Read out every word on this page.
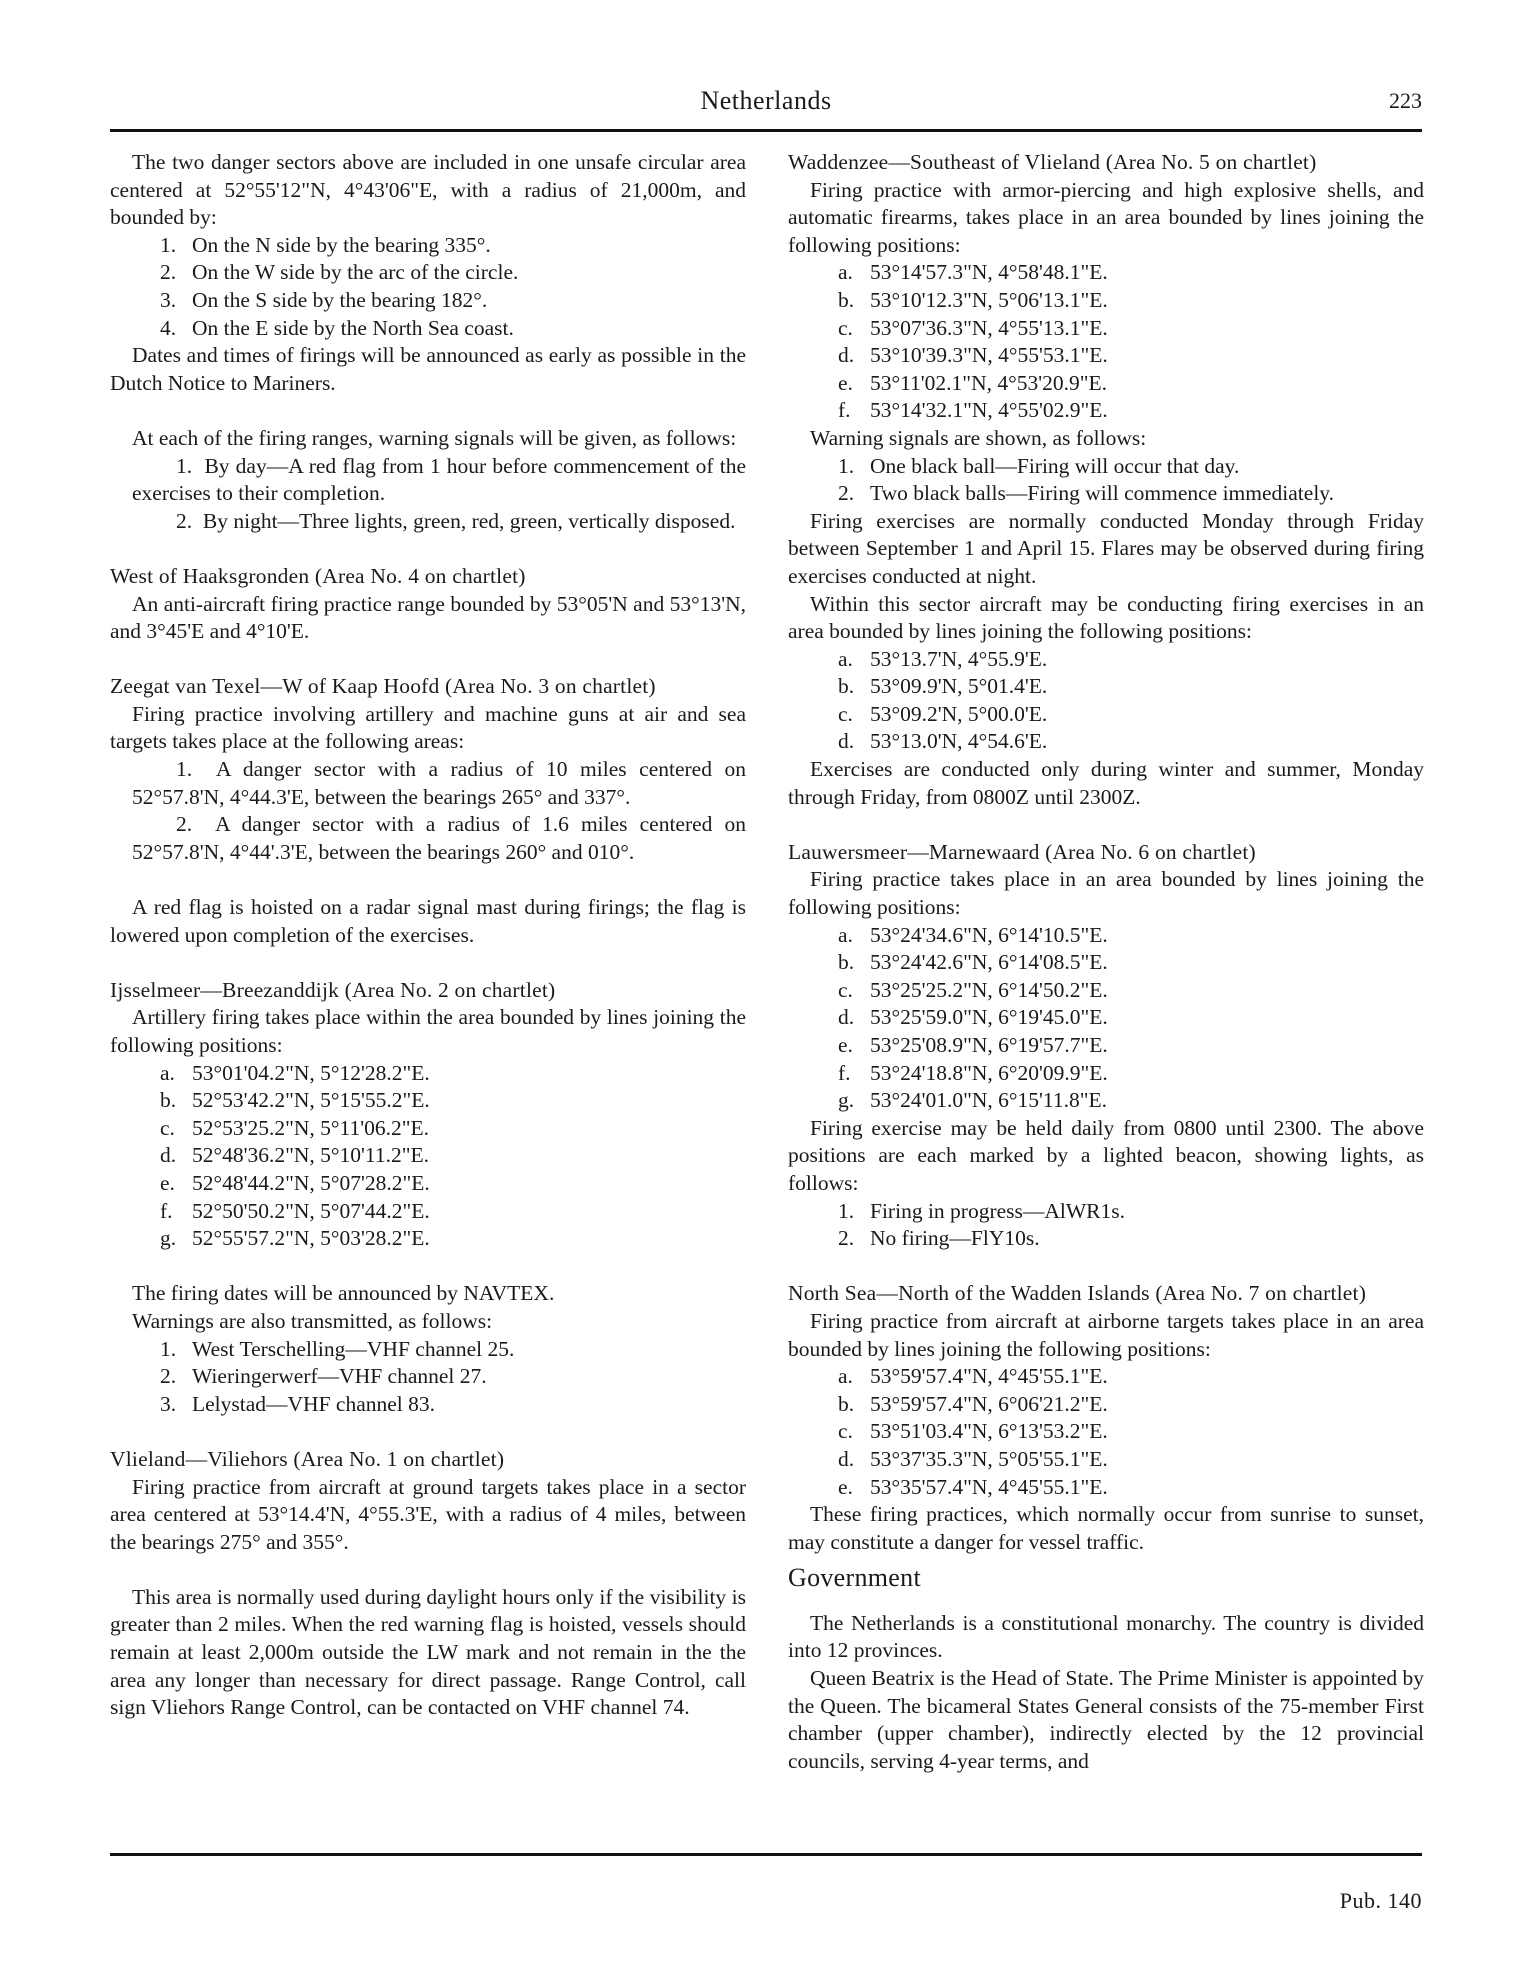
Netherlands	223

The two danger sectors above are included in one unsafe circular area centered at 52°55'12"N, 4°43'06"E, with a radius of 21,000m, and bounded by:

1. On the N side by the bearing 335°.
2. On the W side by the arc of the circle.
3. On the S side by the bearing 182°.
4. On the E side by the North Sea coast.

Dates and times of firings will be announced as early as possible in the Dutch Notice to Mariners.

At each of the firing ranges, warning signals will be given, as follows:

1. By day—A red flag from 1 hour before commencement of the exercises to their completion.
2. By night—Three lights, green, red, green, vertically disposed.
West of Haaksgronden (Area No. 4 on chartlet)

An anti-aircraft firing practice range bounded by 53°05'N and 53°13'N, and 3°45'E and 4°10'E.

Zeegat van Texel—W of Kaap Hoofd (Area No. 3 on chartlet)

Firing practice involving artillery and machine guns at air and sea targets takes place at the following areas:

1. A danger sector with a radius of 10 miles centered on 52°57.8'N, 4°44.3'E, between the bearings 265° and 337°.
2. A danger sector with a radius of 1.6 miles centered on 52°57.8'N, 4°44'.3'E, between the bearings 260° and 010°.

A red flag is hoisted on a radar signal mast during firings; the flag is lowered upon completion of the exercises.

Ijsselmeer—Breezanddijk (Area No. 2 on chartlet)

Artillery firing takes place within the area bounded by lines joining the following positions:

a. 53°01'04.2"N, 5°12'28.2"E.
b. 52°53'42.2"N, 5°15'55.2"E.
c. 52°53'25.2"N, 5°11'06.2"E.
d. 52°48'36.2"N, 5°10'11.2"E.
e. 52°48'44.2"N, 5°07'28.2"E.
f. 52°50'50.2"N, 5°07'44.2"E.
g. 52°55'57.2"N, 5°03'28.2"E.

The firing dates will be announced by NAVTEX.

Warnings are also transmitted, as follows:

1. West Terschelling—VHF channel 25.
2. Wieringerwerf—VHF channel 27.
3. Lelystad—VHF channel 83.
Vlieland—Viliehors (Area No. 1 on chartlet)

Firing practice from aircraft at ground targets takes place in a sector area centered at 53°14.4'N, 4°55.3'E, with a radius of 4 miles, between the bearings 275° and 355°.

This area is normally used during daylight hours only if the visibility is greater than 2 miles. When the red warning flag is hoisted, vessels should remain at least 2,000m outside the LW mark and not remain in the the area any longer than necessary for direct passage. Range Control, call sign Vliehors Range Control, can be contacted on VHF channel 74.

Waddenzee—Southeast of Vlieland (Area No. 5 on chartlet)

Firing practice with armor-piercing and high explosive shells, and automatic firearms, takes place in an area bounded by lines joining the following positions:

a. 53°14'57.3"N, 4°58'48.1"E.
b. 53°10'12.3"N, 5°06'13.1"E.
c. 53°07'36.3"N, 4°55'13.1"E.
d. 53°10'39.3"N, 4°55'53.1"E.
e. 53°11'02.1"N, 4°53'20.9"E.
f. 53°14'32.1"N, 4°55'02.9"E.

Warning signals are shown, as follows:

1. One black ball—Firing will occur that day.
2. Two black balls—Firing will commence immediately.

Firing exercises are normally conducted Monday through Friday between September 1 and April 15. Flares may be observed during firing exercises conducted at night.

Within this sector aircraft may be conducting firing exercises in an area bounded by lines joining the following positions:

a. 53°13.7'N, 4°55.9'E.
b. 53°09.9'N, 5°01.4'E.
c. 53°09.2'N, 5°00.0'E.
d. 53°13.0'N, 4°54.6'E.

Exercises are conducted only during winter and summer, Monday through Friday, from 0800Z until 2300Z.

Lauwersmeer—Marnewaard (Area No. 6 on chartlet)

Firing practice takes place in an area bounded by lines joining the following positions:

a. 53°24'34.6"N, 6°14'10.5"E.
b. 53°24'42.6"N, 6°14'08.5"E.
c. 53°25'25.2"N, 6°14'50.2"E.
d. 53°25'59.0"N, 6°19'45.0"E.
e. 53°25'08.9"N, 6°19'57.7"E.
f. 53°24'18.8"N, 6°20'09.9"E.
g. 53°24'01.0"N, 6°15'11.8"E.

Firing exercise may be held daily from 0800 until 2300. The above positions are each marked by a lighted beacon, showing lights, as follows:

1. Firing in progress—AlWR1s.
2. No firing—FlY10s.
North Sea—North of the Wadden Islands (Area No. 7 on chartlet)

Firing practice from aircraft at airborne targets takes place in an area bounded by lines joining the following positions:

a. 53°59'57.4"N, 4°45'55.1"E.
b. 53°59'57.4"N, 6°06'21.2"E.
c. 53°51'03.4"N, 6°13'53.2"E.
d. 53°37'35.3"N, 5°05'55.1"E.
e. 53°35'57.4"N, 4°45'55.1"E.

These firing practices, which normally occur from sunrise to sunset, may constitute a danger for vessel traffic.

Government

The Netherlands is a constitutional monarchy. The country is divided into 12 provinces.

Queen Beatrix is the Head of State. The Prime Minister is appointed by the Queen. The bicameral States General consists of the 75-member First chamber (upper chamber), indirectly elected by the 12 provincial councils, serving 4-year terms, and

Pub. 140
